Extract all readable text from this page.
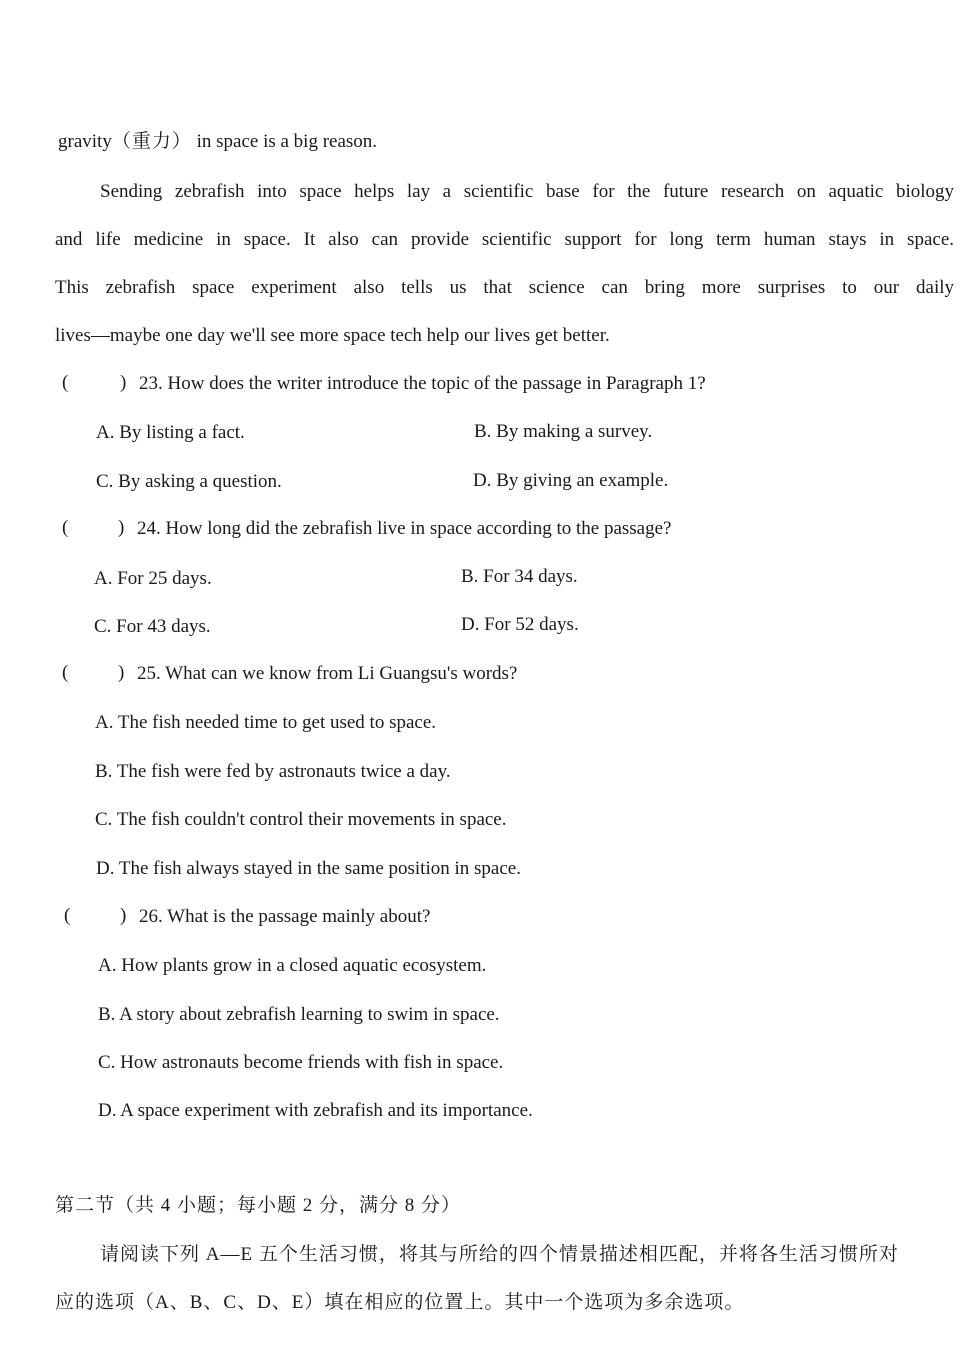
gravity（重力） in space is a big reason.
Sending zebrafish into space helps lay a scientific base for the future research on aquatic biology
and life medicine in space. It also can provide scientific support for long term human stays in space.
This zebrafish space experiment also tells us that science can bring more surprises to our daily
lives—maybe one day we'll see more space tech help our lives get better.
(	) 23. How does the writer introduce the topic of the passage in Paragraph 1?
A. By listing a fact.	B. By making a survey.
C. By asking a question.	D. By giving an example.
(	) 24. How long did the zebrafish live in space according to the passage?
A. For 25 days.	B. For 34 days.
C. For 43 days.	D. For 52 days.
(	) 25. What can we know from Li Guangsu's words?
A. The fish needed time to get used to space.
B. The fish were fed by astronauts twice a day.
C. The fish couldn't control their movements in space.
D. The fish always stayed in the same position in space.
(	) 26. What is the passage mainly about?
A. How plants grow in a closed aquatic ecosystem.
B. A story about zebrafish learning to swim in space.
C. How astronauts become friends with fish in space.
D. A space experiment with zebrafish and its importance.
第二节（共 4 小题；每小题 2 分，满分 8 分）
请阅读下列 A—E 五个生活习惯，将其与所给的四个情景描述相匹配，并将各生活习惯所对
应的选项（A、B、C、D、E）填在相应的位置上。其中一个选项为多余选项。
